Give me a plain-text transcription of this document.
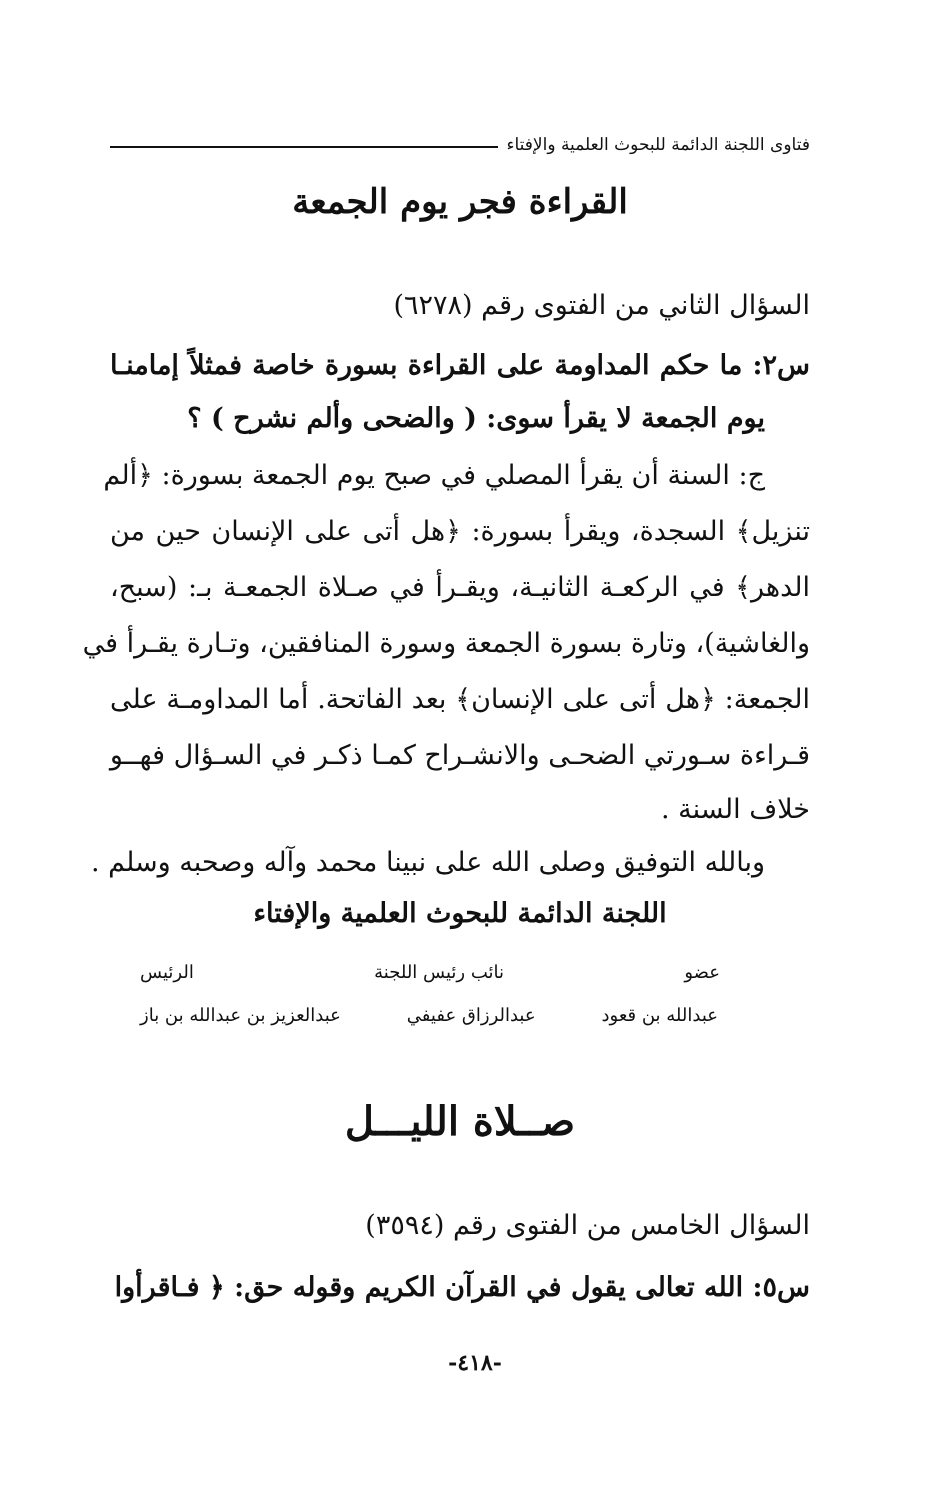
فتاوى اللجنة الدائمة للبحوث العلمية والإفتاء
القراءة فجر يوم الجمعة
السؤال الثاني من الفتوى رقم (٦٢٧٨)
س٢: ما حكم المداومة على القراءة بسورة خاصة فمثلاً إمامنـا
يوم الجمعة لا يقرأ سوى: ( والضحى وألم نشرح ) ؟
ج: السنة أن يقرأ المصلي في صبح يوم الجمعة بسورة: ﴿ألم
تنزيل﴾ السجدة، ويقرأ بسورة: ﴿هل أتى على الإنسان حين من
الدهر﴾ في الركعـة الثانيـة، ويقـرأ في صـلاة الجمعـة بـ: (سبح،
والغاشية)، وتارة بسورة الجمعة وسورة المنافقين، وتـارة يقـرأ في
الجمعة: ﴿هل أتى على الإنسان﴾ بعد الفاتحة. أما المداومـة على
قـراءة سـورتي الضحـى والانشـراح كمـا ذكـر في السـؤال فهــو
خلاف السنة .
وبالله التوفيق وصلى الله على نبينا محمد وآله وصحبه وسلم .
اللجنة الدائمة للبحوث العلمية والإفتاء
عضو
نائب رئيس اللجنة
الرئيس
عبدالله بن قعود
عبدالرزاق عفيفي
عبدالعزيز بن عبدالله بن باز
صــلاة الليـــل
السؤال الخامس من الفتوى رقم (٣٥٩٤)
س٥: الله تعالى يقول في القرآن الكريم وقوله حق: ﴿ فـاقرأوا
-٤١٨-
